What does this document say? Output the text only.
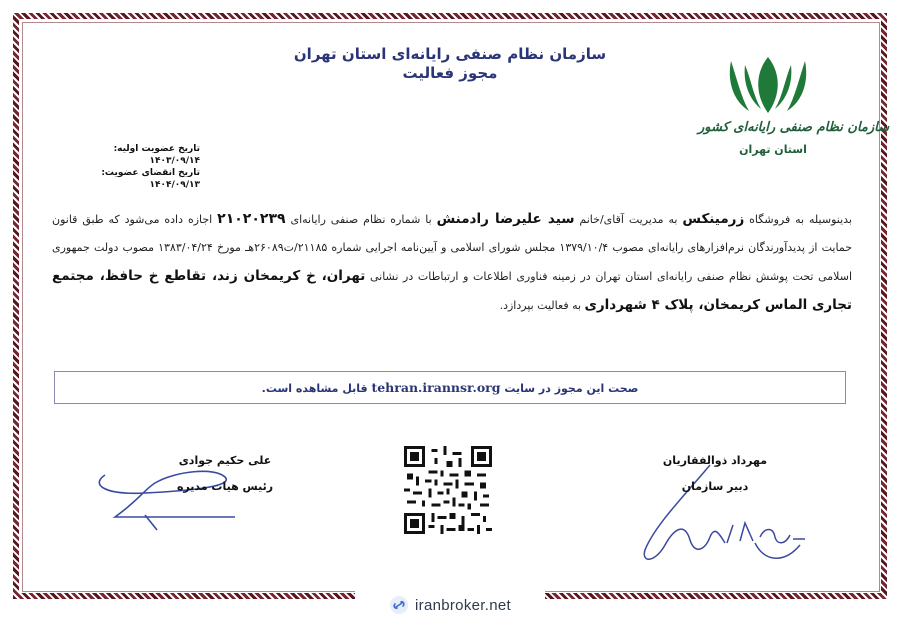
سازمان نظام صنفی رایانه‌ای استان تهران
مجوز فعالیت
سازمان نظام صنفی رایانه‌ای کشور
استان تهران
تاریخ عضویت اولیه: ۱۴۰۳/۰۹/۱۴
تاریخ انقضای عضویت: ۱۴۰۴/۰۹/۱۳
بدینوسیله به فروشگاه زرمینکس به مدیریت آقای/خانم سید علیرضا رادمنش با شماره نظام صنفی رایانه‌ای ۲۱۰۲۰۲۳۹ اجازه داده می‌شود که طبق قانون حمایت از پدیدآورندگان نرم‌افزارهای رایانه‌ای مصوب ۱۳۷۹/۱۰/۴ مجلس شورای اسلامی و آیین‌نامه اجرایی شماره ۲۱۱۸۵/ت۲۶۰۸۹هـ مورخ ۱۳۸۳/۰۴/۲۴ مصوب دولت جمهوری اسلامی تحت پوشش نظام صنفی رایانه‌ای استان تهران در زمینه فناوری اطلاعات و ارتباطات در نشانی تهران، خ کریمخان زند، تقاطع خ حافظ، مجتمع تجاری الماس کریمخان، پلاک ۴ شهرداری به فعالیت بپردازد.
صحت این مجوز در سایت tehran.irannsr.org قابل مشاهده است.
مهرداد ذوالفقاریان
دبیر سازمان
علی حکیم جوادی
رئیس هیات مدیره
iranbroker.net
